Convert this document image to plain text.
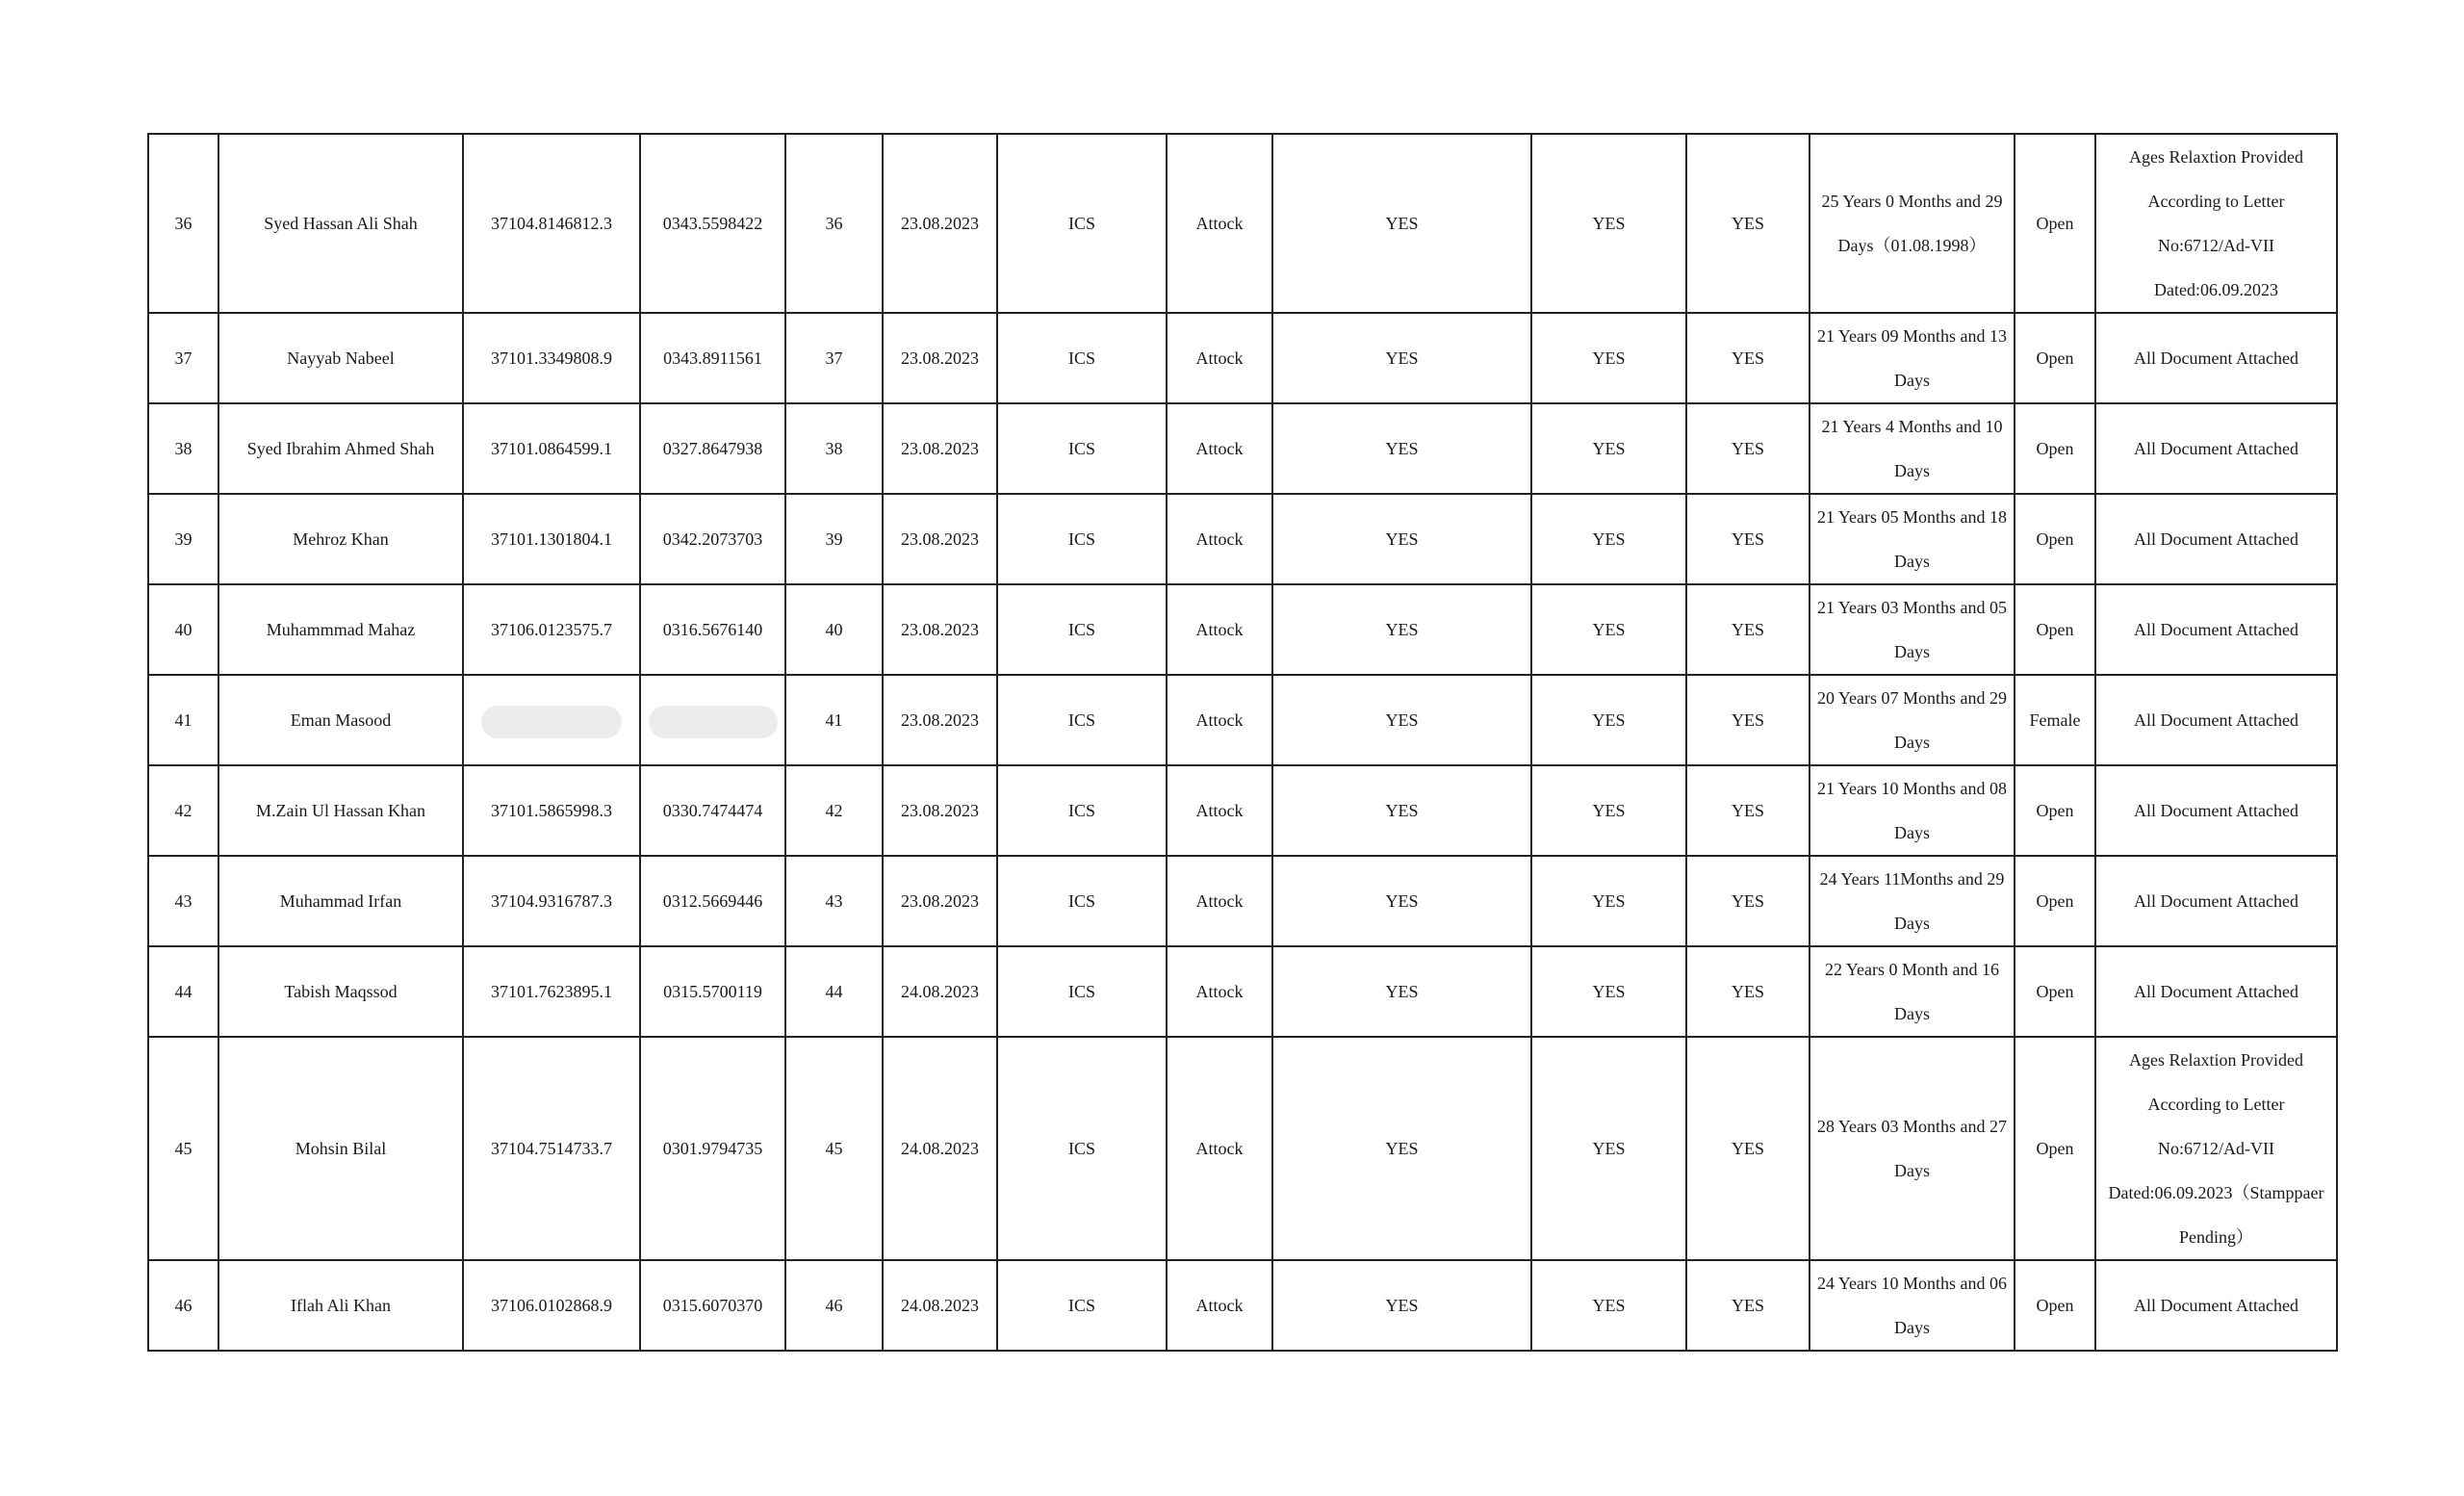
36	Syed Hassan Ali Shah	37104.8146812.3	0343.5598422	36	23.08.2023	ICS	Attock	YES	YES	YES	25 Years 0 Months and 29 Days（01.08.1998）	Open	Ages Relaxtion Provided According to Letter No:6712/Ad-VII Dated:06.09.2023
37	Nayyab Nabeel	37101.3349808.9	0343.8911561	37	23.08.2023	ICS	Attock	YES	YES	YES	21 Years 09 Months and 13 Days	Open	All Document Attached
38	Syed Ibrahim Ahmed Shah	37101.0864599.1	0327.8647938	38	23.08.2023	ICS	Attock	YES	YES	YES	21 Years 4 Months and 10 Days	Open	All Document Attached
39	Mehroz Khan	37101.1301804.1	0342.2073703	39	23.08.2023	ICS	Attock	YES	YES	YES	21 Years 05 Months and 18 Days	Open	All Document Attached
40	Muhammmad Mahaz	37106.0123575.7	0316.5676140	40	23.08.2023	ICS	Attock	YES	YES	YES	21 Years 03 Months and 05 Days	Open	All Document Attached
41	Eman Masood			41	23.08.2023	ICS	Attock	YES	YES	YES	20 Years 07 Months and 29 Days	Female	All Document Attached
42	M.Zain Ul Hassan Khan	37101.5865998.3	0330.7474474	42	23.08.2023	ICS	Attock	YES	YES	YES	21 Years 10 Months and 08 Days	Open	All Document Attached
43	Muhammad Irfan	37104.9316787.3	0312.5669446	43	23.08.2023	ICS	Attock	YES	YES	YES	24 Years 11Months and 29 Days	Open	All Document Attached
44	Tabish Maqssod	37101.7623895.1	0315.5700119	44	24.08.2023	ICS	Attock	YES	YES	YES	22 Years 0 Month and 16 Days	Open	All Document Attached
45	Mohsin Bilal	37104.7514733.7	0301.9794735	45	24.08.2023	ICS	Attock	YES	YES	YES	28 Years 03 Months and 27 Days	Open	Ages Relaxtion Provided According to Letter No:6712/Ad-VII Dated:06.09.2023（Stamppaer Pending）
46	Iflah Ali Khan	37106.0102868.9	0315.6070370	46	24.08.2023	ICS	Attock	YES	YES	YES	24 Years 10 Months and 06 Days	Open	All Document Attached
